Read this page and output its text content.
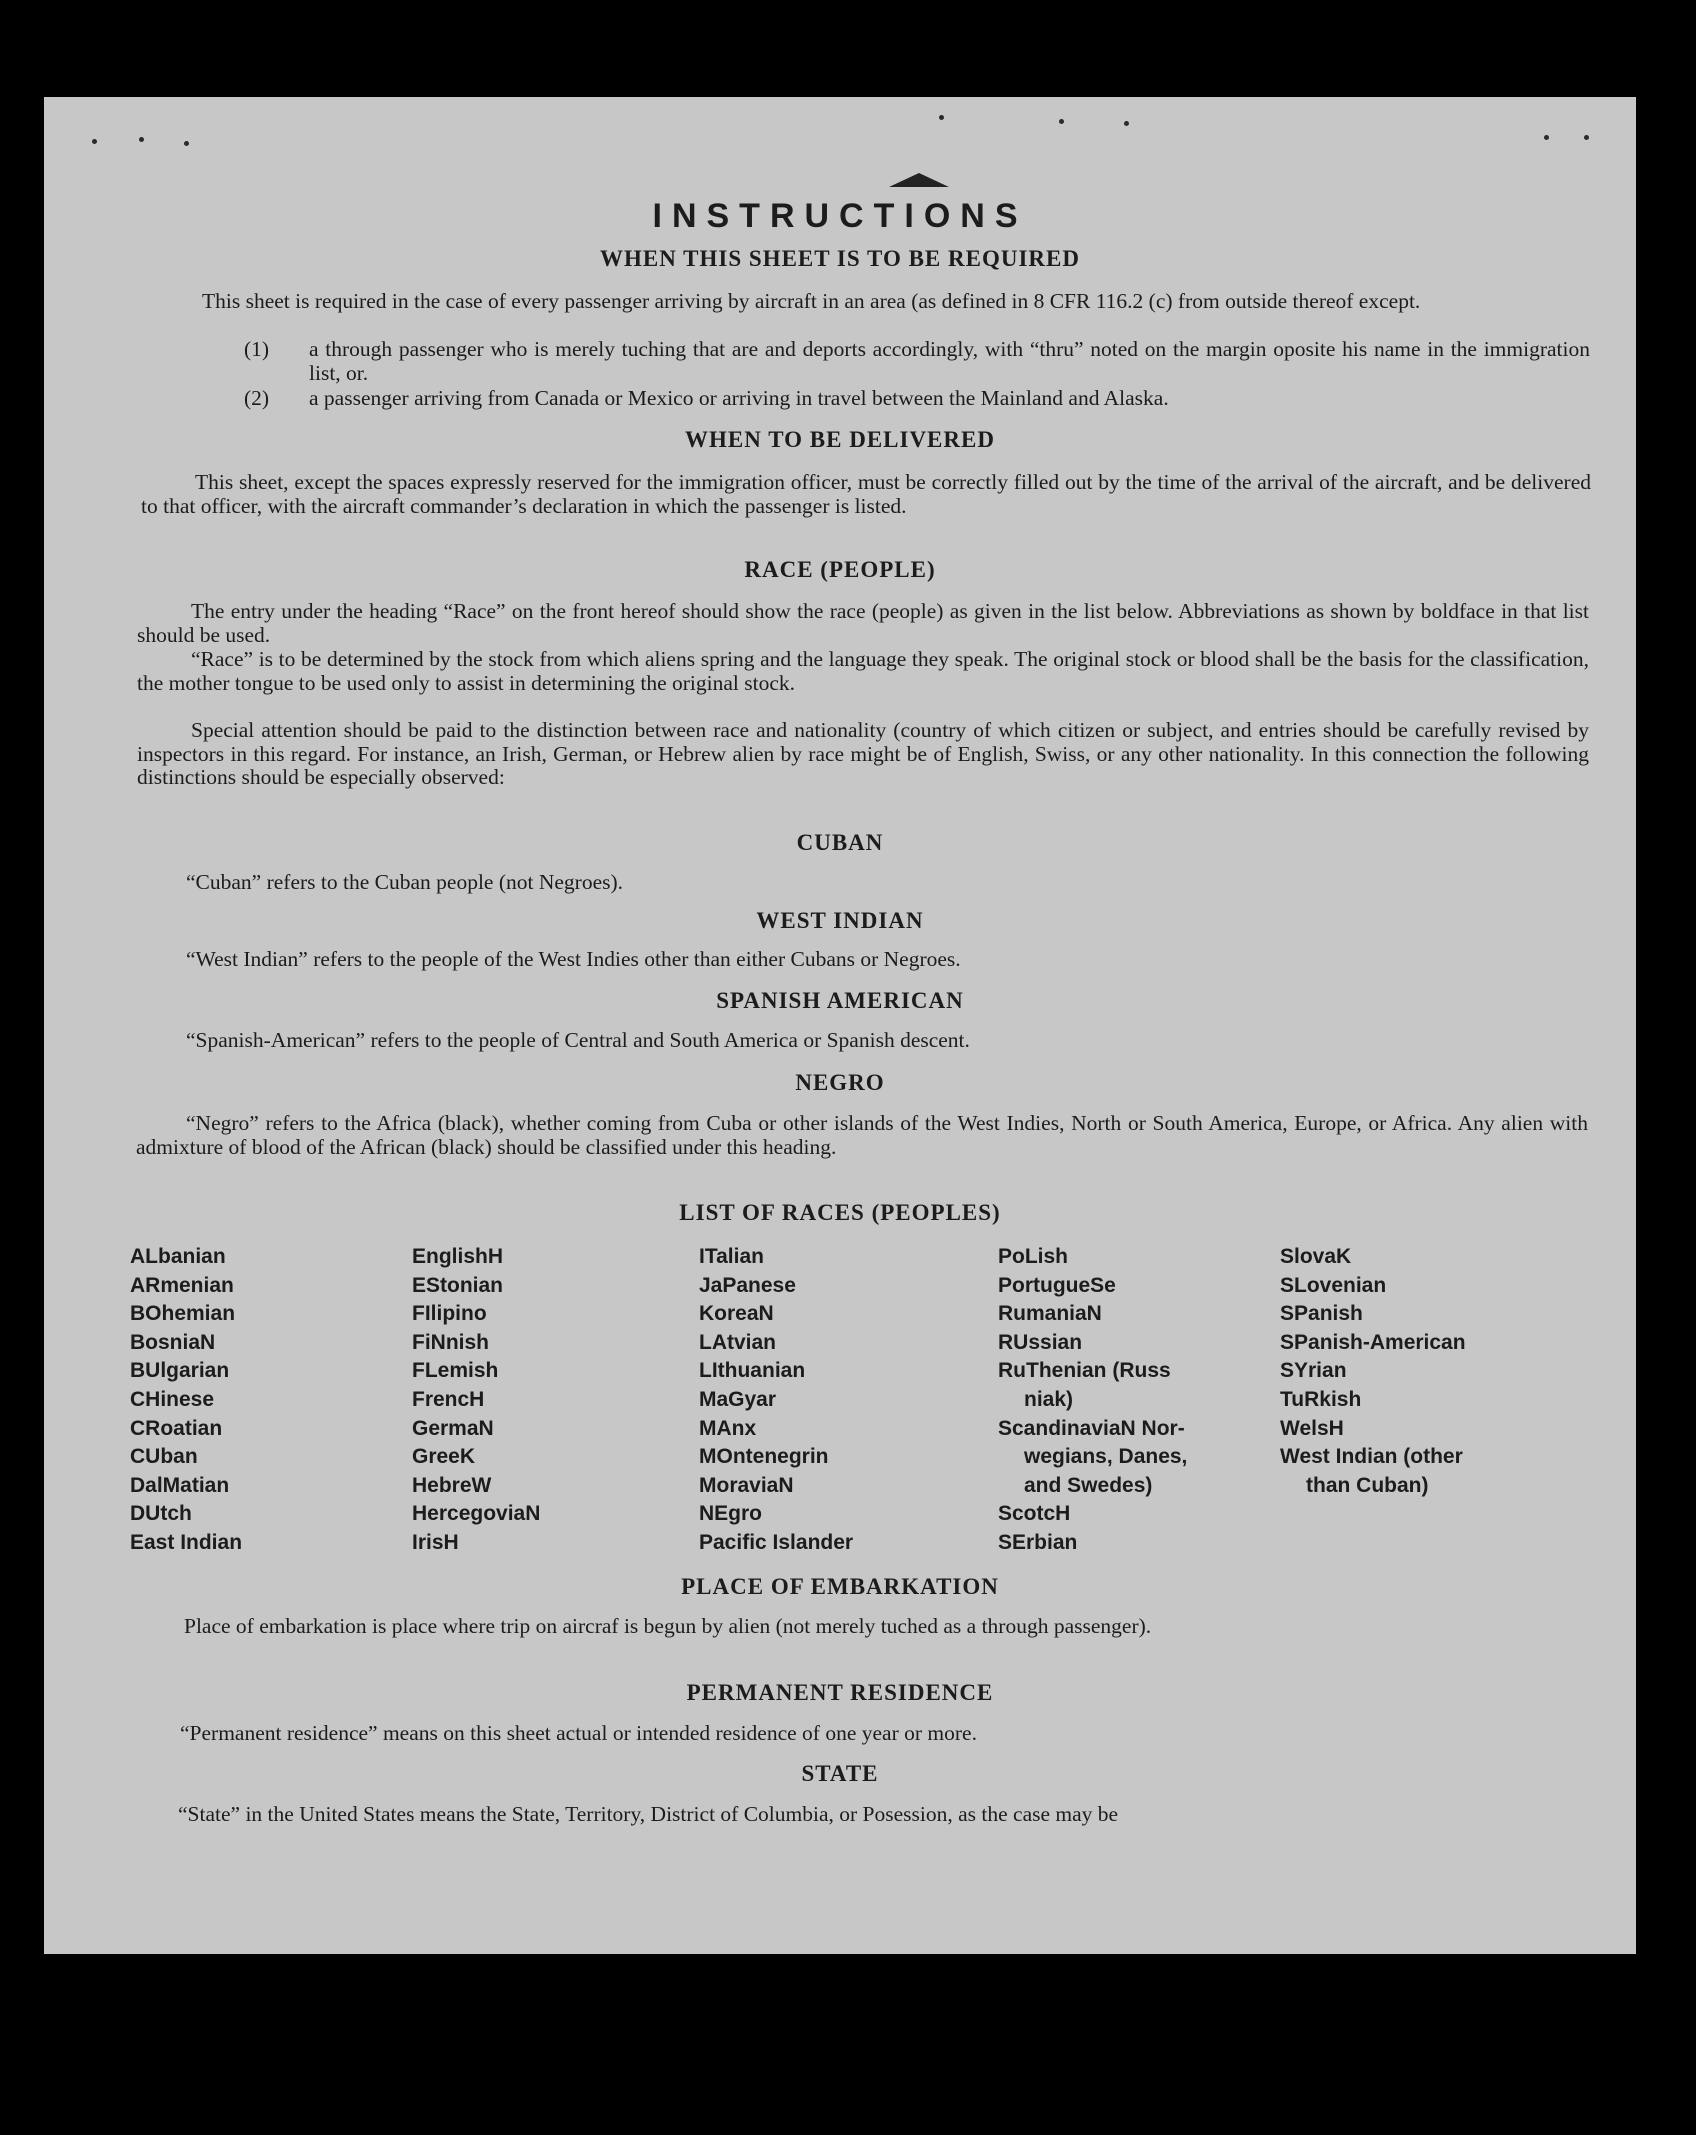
INSTRUCTIONS
WHEN THIS SHEET IS TO BE REQUIRED
This sheet is required in the case of every passenger arriving by aircraft in an area (as defined in 8 CFR 116.2 (c) from outside thereof except.
(1)	a through passenger who is merely tuching that are and deports accordingly, with “thru” noted on the margin oposite his name in the immigration list, or.
(2)	a passenger arriving from Canada or Mexico or arriving in travel between the Mainland and Alaska.
WHEN TO BE DELIVERED
This sheet, except the spaces expressly reserved for the immigration officer, must be correctly filled out by the time of the arrival of the aircraft, and be delivered to that officer, with the aircraft commander’s declaration in which the passenger is listed.
RACE (PEOPLE)
The entry under the heading “Race” on the front hereof should show the race (people) as given in the list below. Abbreviations as shown by boldface in that list should be used.
“Race” is to be determined by the stock from which aliens spring and the language they speak. The original stock or blood shall be the basis for the classification, the mother tongue to be used only to assist in determining the original stock.
Special attention should be paid to the distinction between race and nationality (country of which citizen or subject, and entries should be carefully revised by inspectors in this regard. For instance, an Irish, German, or Hebrew alien by race might be of English, Swiss, or any other nationality. In this connection the following distinctions should be especially observed:
CUBAN
“Cuban” refers to the Cuban people (not Negroes).
WEST INDIAN
“West Indian” refers to the people of the West Indies other than either Cubans or Negroes.
SPANISH AMERICAN
“Spanish-American” refers to the people of Central and South America or Spanish descent.
NEGRO
“Negro” refers to the Africa (black), whether coming from Cuba or other islands of the West Indies, North or South America, Europe, or Africa. Any alien with admixture of blood of the African (black) should be classified under this heading.
LIST OF RACES (PEOPLES)
ALbanian
ARmenian
BOhemian
BosniaN
BUlgarian
CHinese
CRoatian
CUban
DalMatian
DUtch
East Indian
EnglishH
EStonian
FIlipino
FiNnish
FLemish
FrencH
GermaN
GreeK
HebreW
HercegoviaN
IrisH
ITalian
JaPanese
KoreaN
LAtvian
LIthuanian
MaGyar
MAnx
MOntenegrin
MoraviaN
NEgro
Pacific Islander
PoLish
PortugueSe
RumaniaN
RUssian
RuThenian (Russ
niak)
ScandinaviaN Nor-
wegians, Danes,
and Swedes)
ScotcH
SErbian
SlovaK
SLovenian
SPanish
SPanish-American
SYrian
TuRkish
WelsH
West Indian (other
than Cuban)
PLACE OF EMBARKATION
Place of embarkation is place where trip on aircraf is begun by alien (not merely tuched as a through passenger).
PERMANENT RESIDENCE
“Permanent residence” means on this sheet actual or intended residence of one year or more.
STATE
“State” in the United States means the State, Territory, District of Columbia, or Posession, as the case may be
